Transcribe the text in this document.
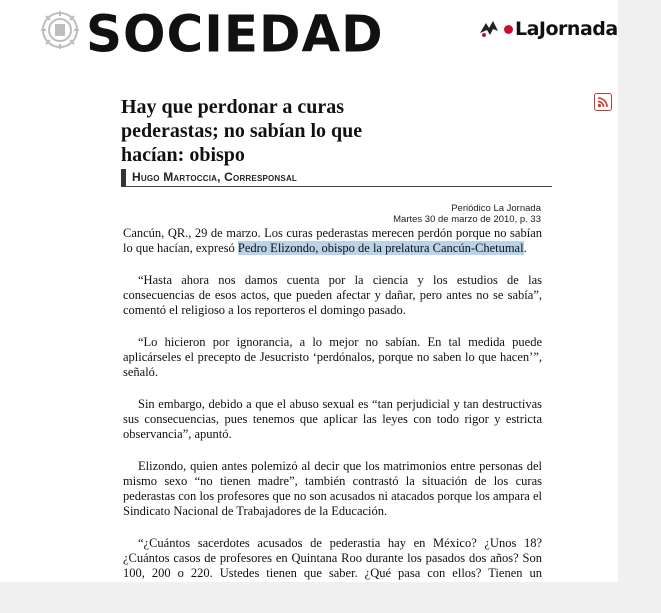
SOCIEDAD	LaJornada
Hay que perdonar a curas pederastas; no sabían lo que hacían: obispo
Hugo Martoccia, Corresponsal
Periódico La Jornada
Martes 30 de marzo de 2010, p. 33

Cancún, QR., 29 de marzo. Los curas pederastas merecen perdón porque no sabían lo que hacían, expresó Pedro Elizondo, obispo de la prelatura Cancún-Chetumal.

“Hasta ahora nos damos cuenta por la ciencia y los estudios de las consecuencias de esos actos, que pueden afectar y dañar, pero antes no se sabía”, comentó el religioso a los reporteros el domingo pasado.

“Lo hicieron por ignorancia, a lo mejor no sabían. En tal medida puede aplicárseles el precepto de Jesucristo ‘perdónalos, porque no saben lo que hacen’”, señaló.

Sin embargo, debido a que el abuso sexual es “tan perjudicial y tan destructivas sus consecuencias, pues tenemos que aplicar las leyes con todo rigor y estricta observancia”, apuntó.

Elizondo, quien antes polemizó al decir que los matrimonios entre personas del mismo sexo “no tienen madre”, también contrastó la situación de los curas pederastas con los profesores que no son acusados ni atacados porque los ampara el Sindicato Nacional de Trabajadores de la Educación.

“¿Cuántos sacerdotes acusados de pederastia hay en México? ¿Unos 18? ¿Cuántos casos de profesores en Quintana Roo durante los pasados dos años? Son 100, 200 o 220. Ustedes tienen que saber. ¿Qué pasa con ellos? Tienen un
